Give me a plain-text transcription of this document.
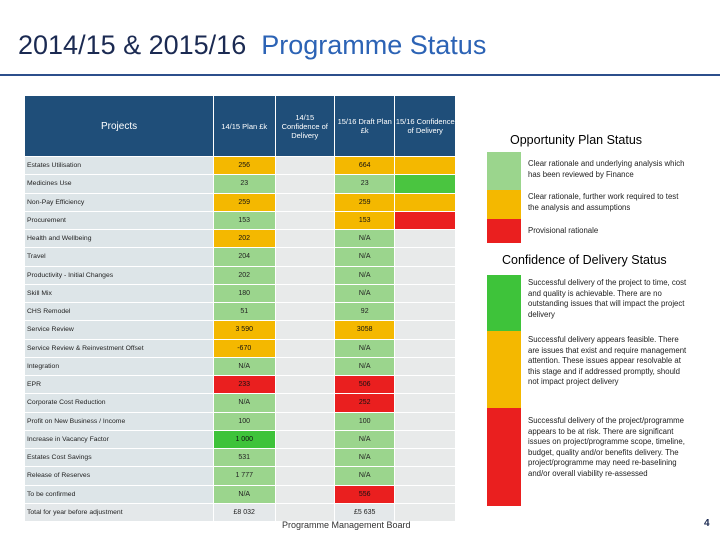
2014/15 & 2015/16 Programme Status
Projects	14/15 Plan £k	14/15 Confidence of Delivery	15/16 Draft Plan £k	15/16 Confidence of Delivery
Estates Utilisation	256		664	
Medicines Use	23		23	
Non-Pay Efficiency	259		259	
Procurement	153		153	
Health and Wellbeing	202		N/A	
Travel	204		N/A	
Productivity - Initial Changes	202		N/A	
Skill Mix	180		N/A	
CHS Remodel	51		92	
Service Review	3 590		3058	
Service Review & Reinvestment Offset	-670		N/A	
Integration	N/A		N/A	
EPR	233		506	
Corporate Cost Reduction	N/A		252	
Profit on New Business / Income	100		100	
Increase in Vacancy Factor	1 000		N/A	
Estates Cost Savings	531		N/A	
Release of Reserves	1 777		N/A	
To be confirmed	N/A		556	
Total for year before adjustment	£8 032		£5 635	
Opportunity Plan Status
Clear rationale and underlying analysis which has been reviewed by Finance
Clear rationale, further work required to test the analysis and assumptions
Provisional rationale
Confidence of Delivery Status
Successful delivery of the project to time, cost and quality is achievable. There are no outstanding issues that will impact the project delivery
Successful delivery appears feasible. There are issues that exist and require management attention. These issues appear resolvable at this stage and if addressed promptly, should not impact project delivery
Successful delivery of the project/programme appears to be at risk. There are significant issues on project/programme scope, timeline, budget, quality and/or benefits delivery. The project/programme may need re-baselining and/or overall viability re-assessed
Programme Management Board	4
